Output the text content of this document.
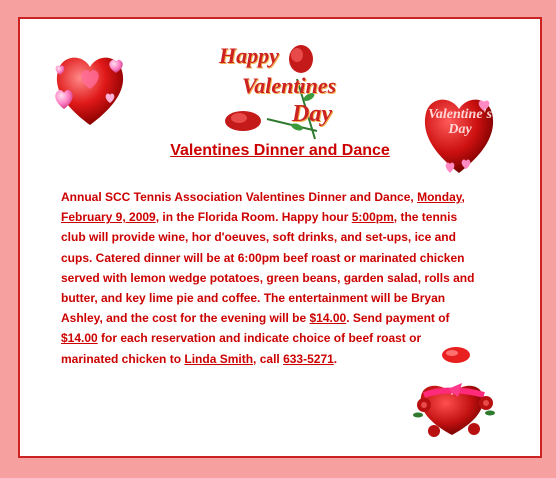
Happy
Valentines
Day	Valentine's
Day
Valentines Dinner and Dance
Annual SCC Tennis Association Valentines Dinner and Dance, Monday, February 9, 2009, in the Florida Room. Happy hour 5:00pm, the tennis club will provide wine, hor d'oeuves, soft drinks, and set-ups, ice and cups. Catered dinner will be at 6:00pm beef roast or marinated chicken served with lemon wedge potatoes, green beans, garden salad, rolls and butter, and key lime pie and coffee. The entertainment will be Bryan Ashley, and the cost for the evening will be $14.00. Send payment of $14.00 for each reservation and indicate choice of beef roast or marinated chicken to Linda Smith, call 633-5271.
